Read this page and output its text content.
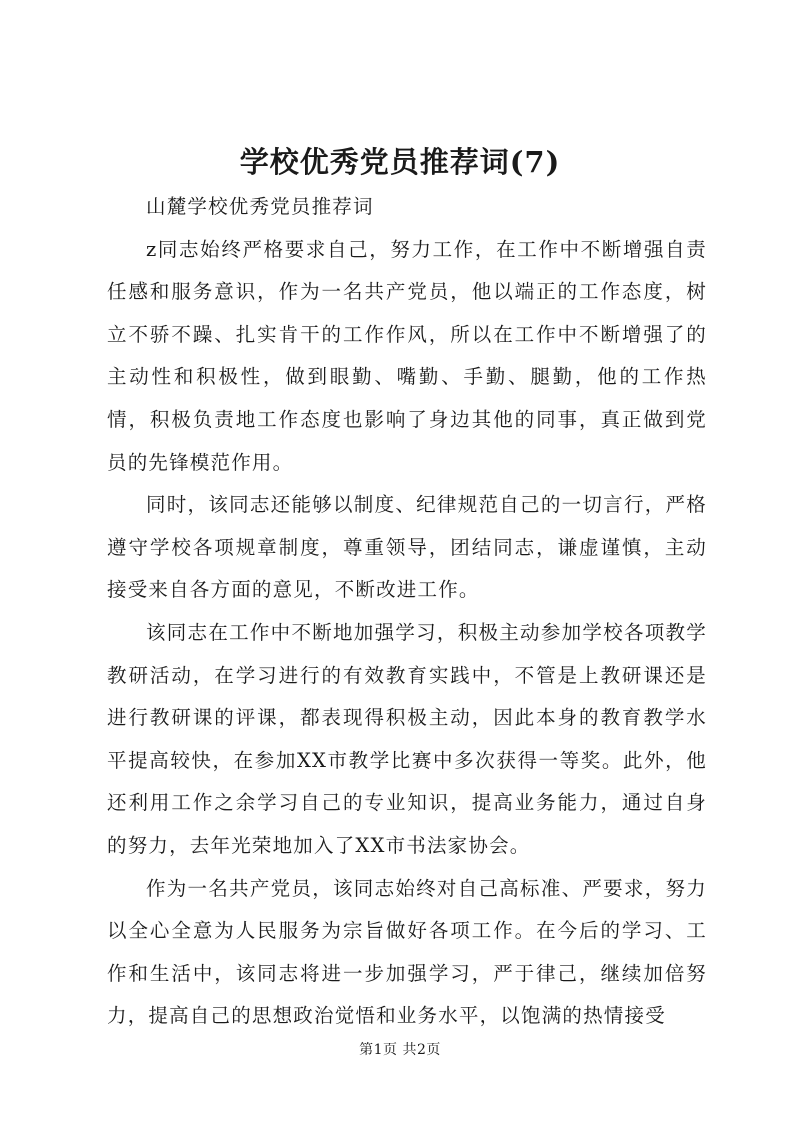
学校优秀党员推荐词(7)

山麓学校优秀党员推荐词

z同志始终严格要求自己，努力工作，在工作中不断增强自责任感和服务意识，作为一名共产党员，他以端正的工作态度，树立不骄不躁、扎实肯干的工作作风，所以在工作中不断增强了的主动性和积极性，做到眼勤、嘴勤、手勤、腿勤，他的工作热情，积极负责地工作态度也影响了身边其他的同事，真正做到党员的先锋模范作用。

同时，该同志还能够以制度、纪律规范自己的一切言行，严格遵守学校各项规章制度，尊重领导，团结同志，谦虚谨慎，主动接受来自各方面的意见，不断改进工作。

该同志在工作中不断地加强学习，积极主动参加学校各项教学教研活动，在学习进行的有效教育实践中，不管是上教研课还是进行教研课的评课，都表现得积极主动，因此本身的教育教学水平提高较快，在参加XX市教学比赛中多次获得一等奖。此外，他还利用工作之余学习自己的专业知识，提高业务能力，通过自身的努力，去年光荣地加入了XX市书法家协会。

作为一名共产党员，该同志始终对自己高标准、严要求，努力以全心全意为人民服务为宗旨做好各项工作。在今后的学习、工作和生活中，该同志将进一步加强学习，严于律己，继续加倍努力，提高自己的思想政治觉悟和业务水平，以饱满的热情接受

第1页 共2页
